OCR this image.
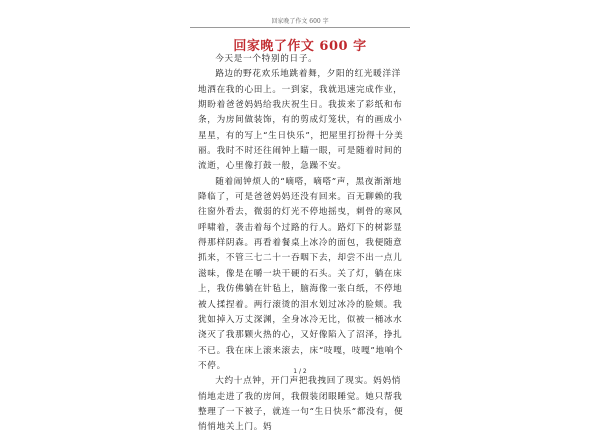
回家晚了作文 600 字
回家晚了作文 600 字

今天是一个特别的日子。

路边的野花欢乐地跳着舞，夕阳的红光暖洋洋地洒在我的心田上。一到家，我就迅速完成作业，期盼着爸爸妈妈给我庆祝生日。我拔来了彩纸和布条，为房间做装饰，有的剪成灯笼状，有的画成小星星，有的写上“生日快乐”，把屋里打扮得十分美丽。我时不时还往闹钟上瞄一眼，可是随着时间的流逝，心里像打鼓一般，急躁不安。

随着闹钟烦人的“嘀嗒，嘀嗒”声，黑夜渐渐地降临了，可是爸爸妈妈还没有回来。百无聊赖的我往窗外看去，微弱的灯光不停地摇曳，刺骨的寒风呼啸着，袭击着每个过路的行人。路灯下的树影显得那样阴森。再看着餐桌上冰冷的面包，我便随意抓来，不管三七二十一吞咽下去，却尝不出一点儿滋味，像是在嚼一块干硬的石头。关了灯，躺在床上，我仿佛躺在针毡上，脑海像一张白纸，不停地被人揉捏着。两行滚烫的泪水划过冰冷的脸颊。我犹如掉入万丈深渊，全身冰冷无比，似被一桶冰水浇灭了我那颗火热的心，又好像陷入了沼泽，挣扎不已。我在床上滚来滚去，床“吱嘎，吱嘎”地响个不停。

大约十点钟，开门声把我拽回了现实。妈妈悄悄地走进了我的房间，我假装闭眼睡觉。她只帮我整理了一下被子，就连一句“生日快乐”都没有，便悄悄地关上门。妈

1 / 2
